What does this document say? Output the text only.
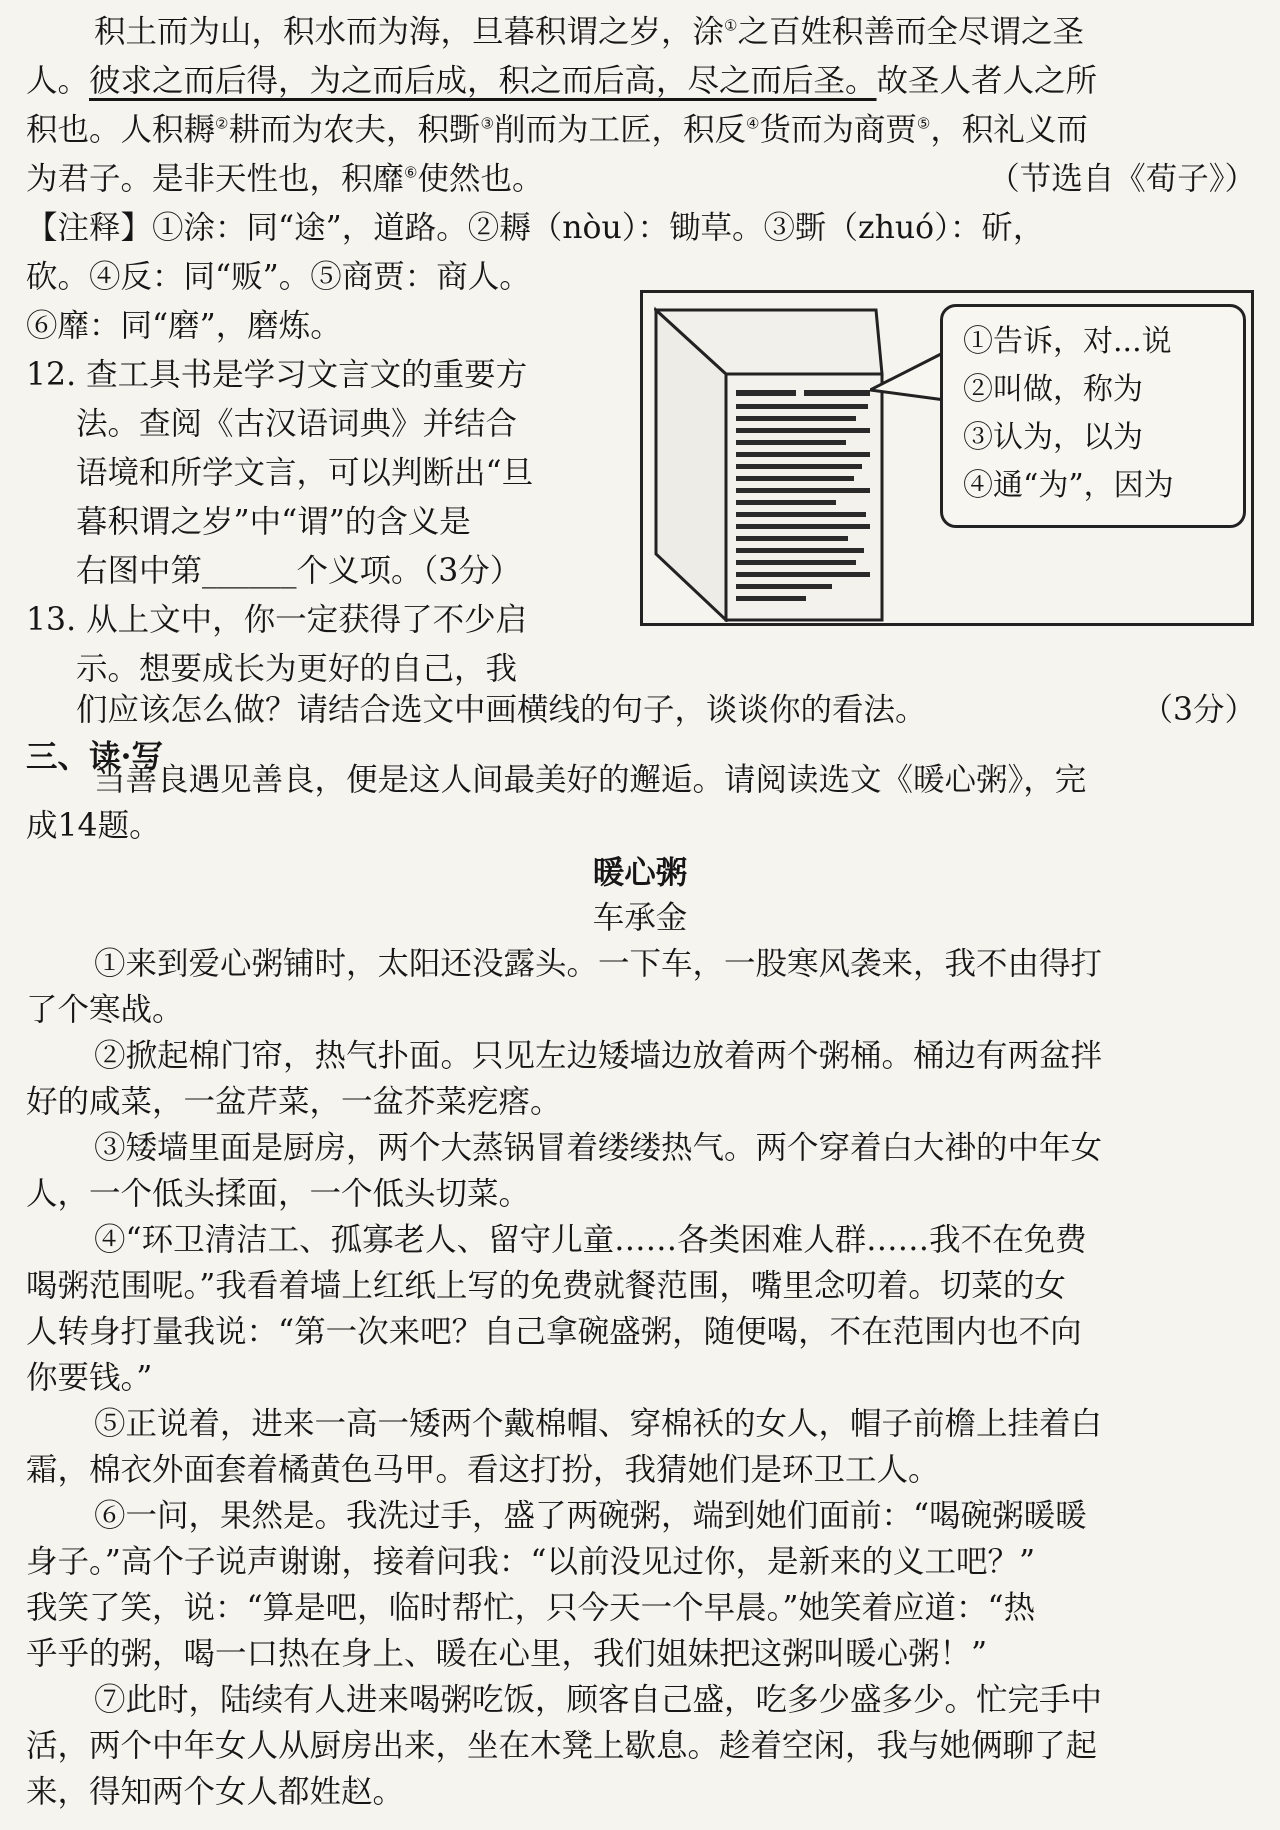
积土而为山，积水而为海，旦暮积谓之岁，涂①之百姓积善而全尽谓之圣
人。彼求之而后得，为之而后成，积之而后高，尽之而后圣。故圣人者人之所
积也。人积耨②耕而为农夫，积斲③削而为工匠，积反④货而为商贾⑤，积礼义而
为君子。是非天性也，积靡⑥使然也。	（节选自《荀子》）
【注释】①涂：同“途”，道路。②耨（nòu）：锄草。③斲（zhuó）：斫，
砍。④反：同“贩”。⑤商贾：商人。
⑥靡：同“磨”，磨炼。
12. 查工具书是学习文言文的重要方
法。查阅《古汉语词典》并结合
语境和所学文言，可以判断出“旦
暮积谓之岁”中“谓”的含义是
右图中第______个义项。（3分）
13. 从上文中，你一定获得了不少启
示。想要成长为更好的自己，我
们应该怎么做？请结合选文中画横线的句子，谈谈你的看法。	（3分）
①告诉，对...说
②叫做，称为
③认为，以为
④通“为”，因为
三、读·写
当善良遇见善良，便是这人间最美好的邂逅。请阅读选文《暖心粥》，完
成14题。
暖心粥
车承金
①来到爱心粥铺时，太阳还没露头。一下车，一股寒风袭来，我不由得打
了个寒战。
②掀起棉门帘，热气扑面。只见左边矮墙边放着两个粥桶。桶边有两盆拌
好的咸菜，一盆芹菜，一盆芥菜疙瘩。
③矮墙里面是厨房，两个大蒸锅冒着缕缕热气。两个穿着白大褂的中年女
人，一个低头揉面，一个低头切菜。
④“环卫清洁工、孤寡老人、留守儿童……各类困难人群……我不在免费
喝粥范围呢。”我看着墙上红纸上写的免费就餐范围，嘴里念叨着。切菜的女
人转身打量我说：“第一次来吧？自己拿碗盛粥，随便喝，不在范围内也不向
你要钱。”
⑤正说着，进来一高一矮两个戴棉帽、穿棉袄的女人，帽子前檐上挂着白
霜，棉衣外面套着橘黄色马甲。看这打扮，我猜她们是环卫工人。
⑥一问，果然是。我洗过手，盛了两碗粥，端到她们面前：“喝碗粥暖暖
身子。”高个子说声谢谢，接着问我：“以前没见过你，是新来的义工吧？”
我笑了笑，说：“算是吧，临时帮忙，只今天一个早晨。”她笑着应道：“热
乎乎的粥，喝一口热在身上、暖在心里，我们姐妹把这粥叫暖心粥！”
⑦此时，陆续有人进来喝粥吃饭，顾客自己盛，吃多少盛多少。忙完手中
活，两个中年女人从厨房出来，坐在木凳上歇息。趁着空闲，我与她俩聊了起
来，得知两个女人都姓赵。
